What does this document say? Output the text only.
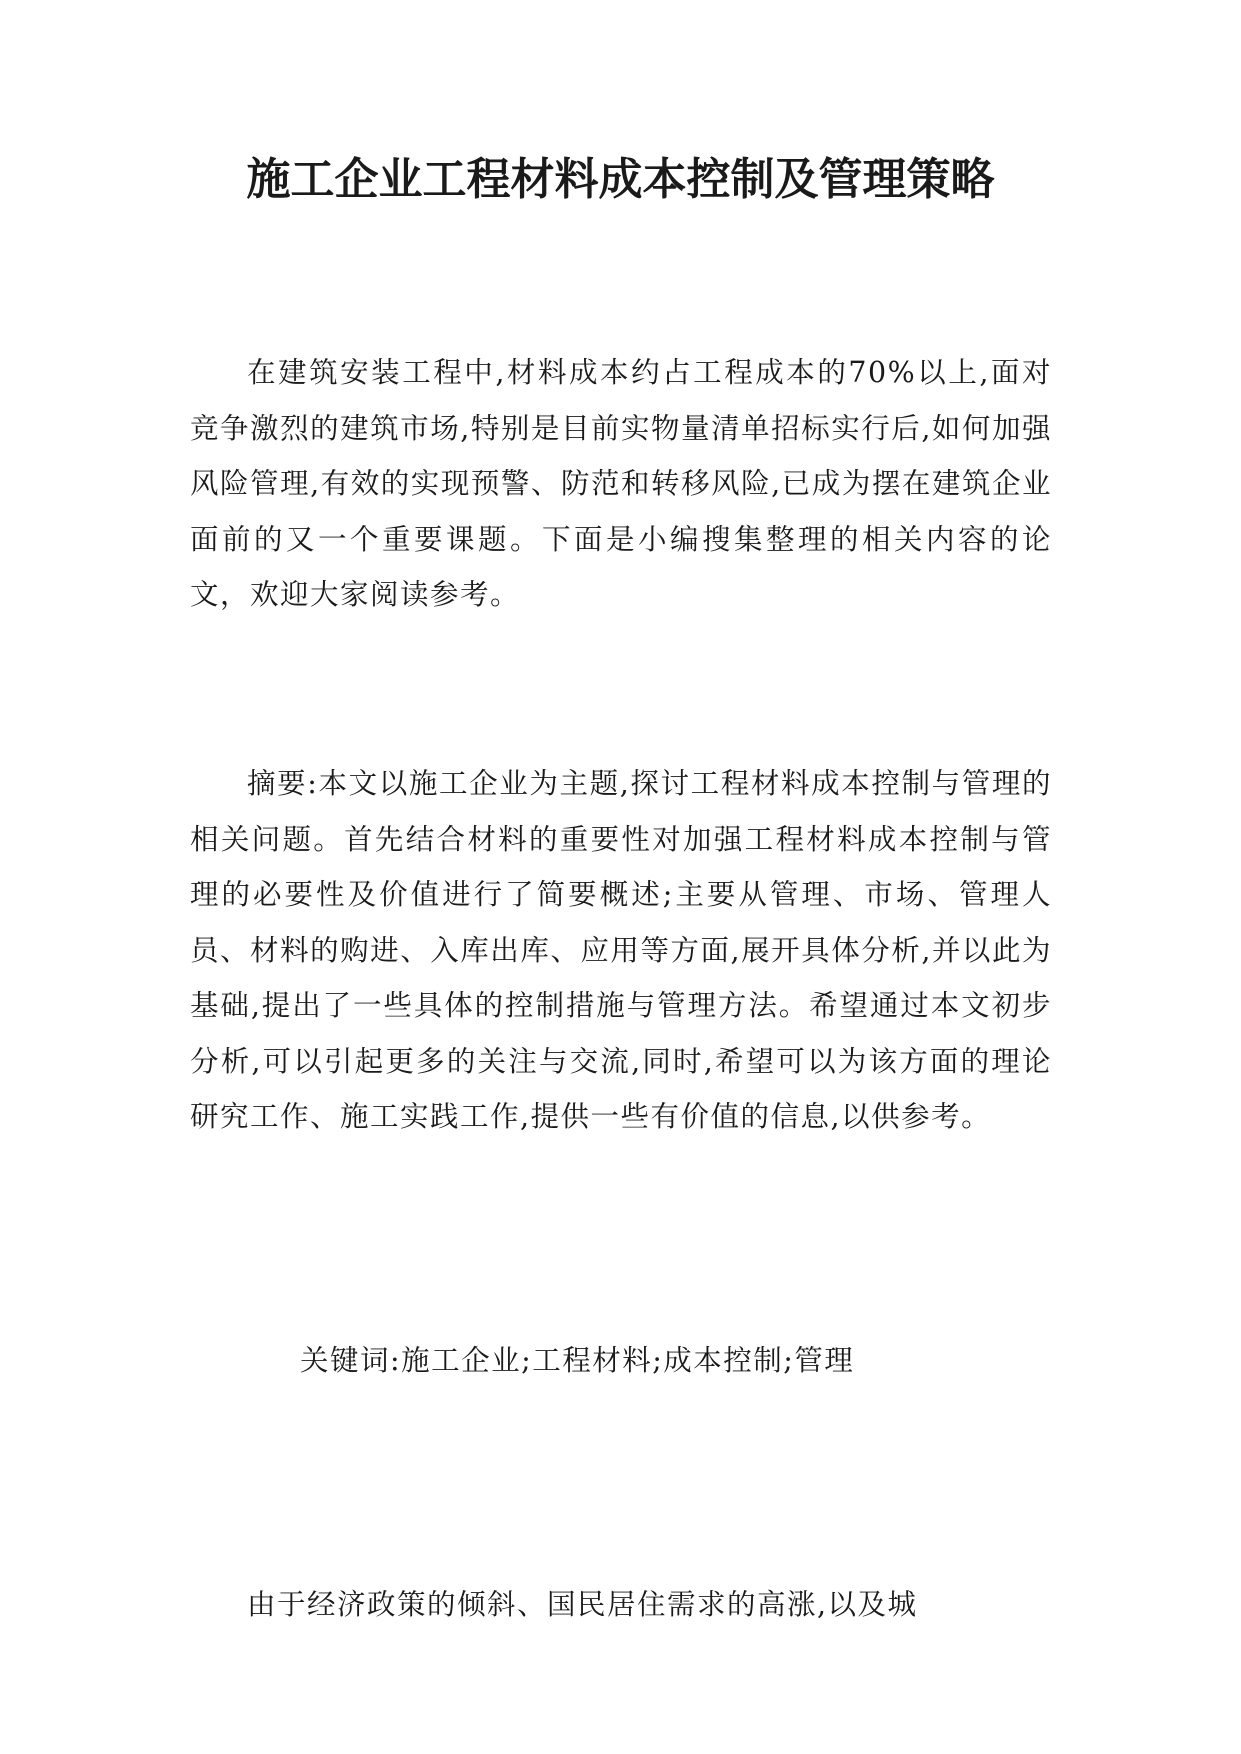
施工企业工程材料成本控制及管理策略

在建筑安装工程中,材料成本约占工程成本的70%以上,面对竞争激烈的建筑市场,特别是目前实物量清单招标实行后,如何加强风险管理,有效的实现预警、防范和转移风险,已成为摆在建筑企业面前的又一个重要课题。下面是小编搜集整理的相关内容的论文，欢迎大家阅读参考。

摘要:本文以施工企业为主题,探讨工程材料成本控制与管理的相关问题。首先结合材料的重要性对加强工程材料成本控制与管理的必要性及价值进行了简要概述;主要从管理、市场、管理人员、材料的购进、入库出库、应用等方面,展开具体分析,并以此为基础,提出了一些具体的控制措施与管理方法。希望通过本文初步分析,可以引起更多的关注与交流,同时,希望可以为该方面的理论研究工作、施工实践工作,提供一些有价值的信息,以供参考。

关键词:施工企业;工程材料;成本控制;管理

由于经济政策的倾斜、国民居住需求的高涨,以及城
